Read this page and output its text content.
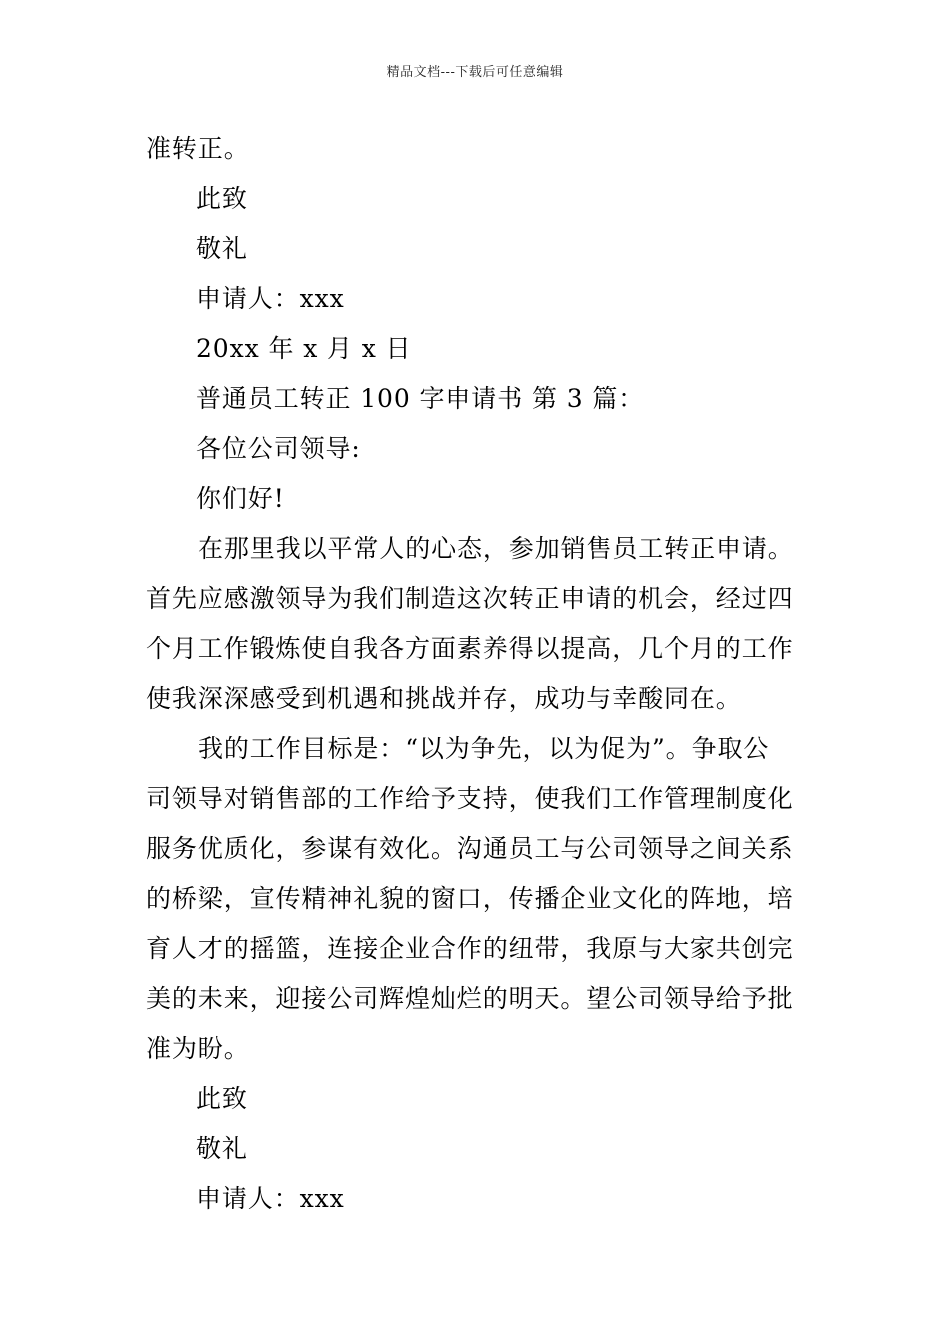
精品文档---下载后可任意编辑
准转正。
此致
敬礼
申请人：xxx
20xx 年 x 月 x 日
普通员工转正 100 字申请书 第 3 篇：
各位公司领导:
你们好!
在那里我以平常人的心态，参加销售员工转正申请。
首先应感激领导为我们制造这次转正申请的机会，经过四
个月工作锻炼使自我各方面素养得以提高，几个月的工作
使我深深感受到机遇和挑战并存，成功与幸酸同在。
我的工作目标是：“以为争先，以为促为”。争取公
司领导对销售部的工作给予支持，使我们工作管理制度化
服务优质化，参谋有效化。沟通员工与公司领导之间关系
的桥梁，宣传精神礼貌的窗口，传播企业文化的阵地，培
育人才的摇篮，连接企业合作的纽带，我原与大家共创完
美的未来，迎接公司辉煌灿烂的明天。望公司领导给予批
准为盼。
此致
敬礼
申请人：xxx
